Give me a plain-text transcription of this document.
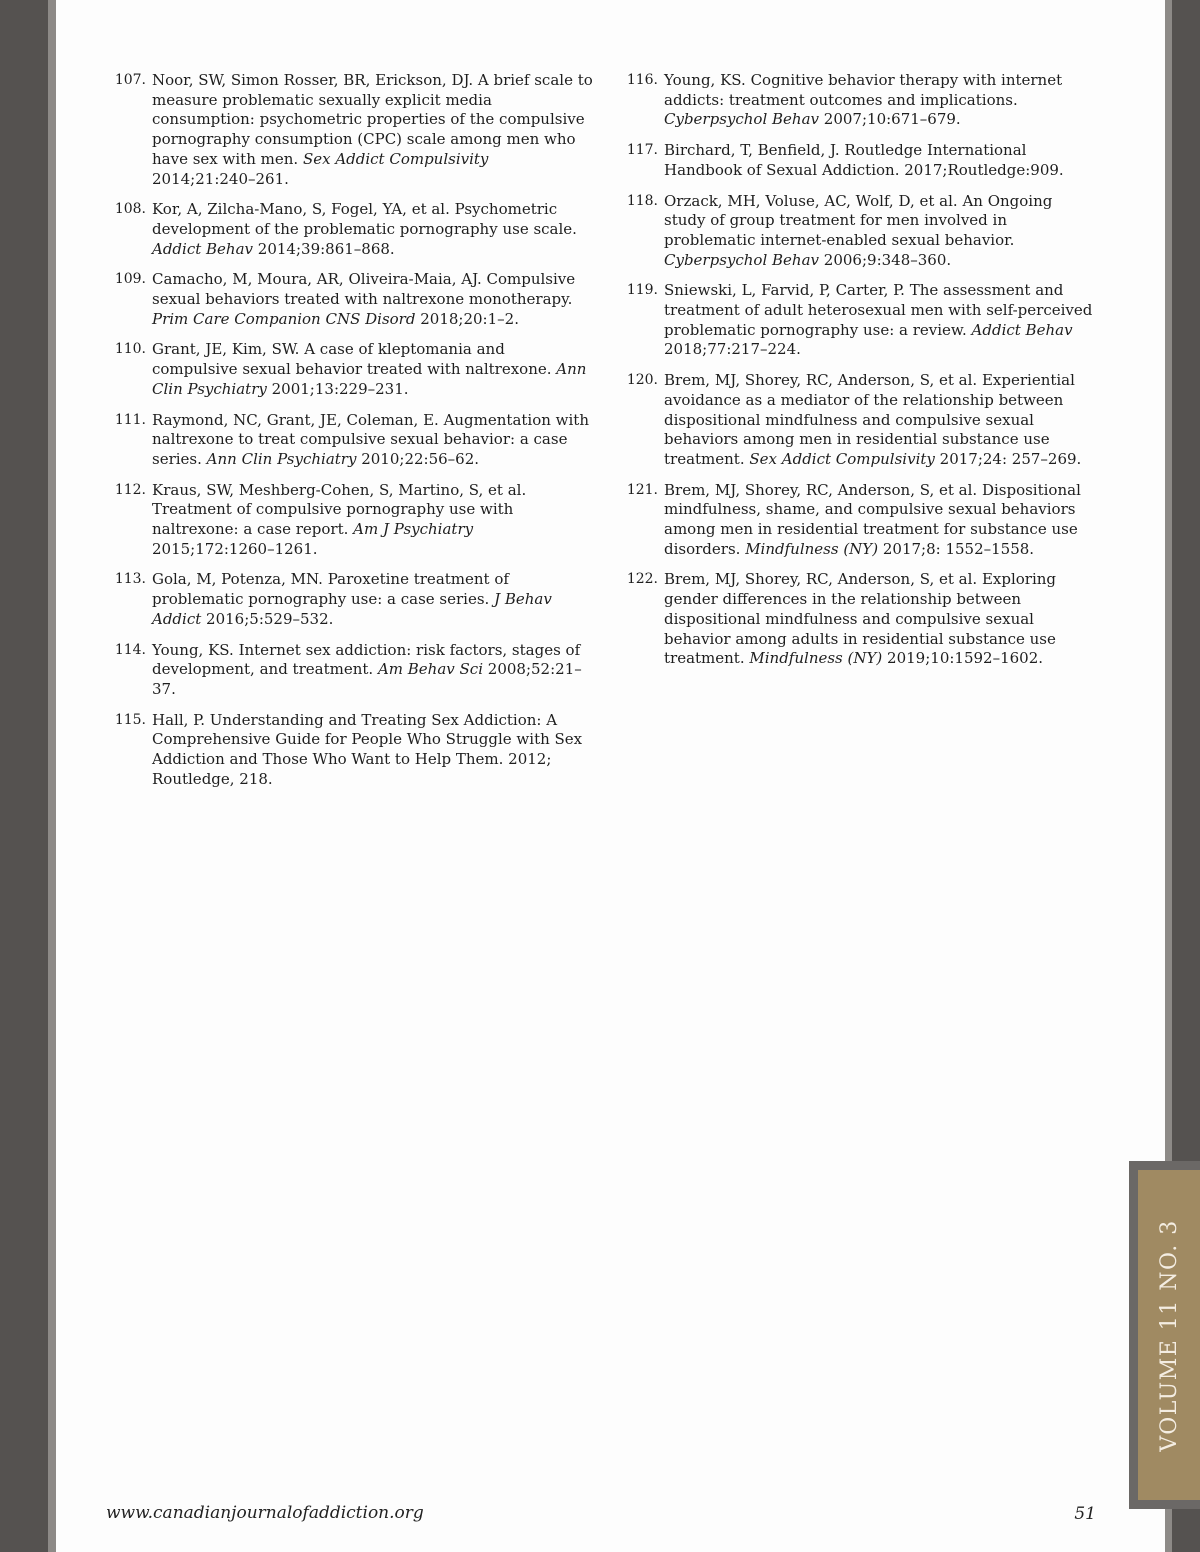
107. Noor, SW, Simon Rosser, BR, Erickson, DJ. A brief scale to measure problematic sexually explicit media consumption: psychometric properties of the compulsive pornography consumption (CPC) scale among men who have sex with men. Sex Addict Compulsivity 2014;21:240–261.
108. Kor, A, Zilcha-Mano, S, Fogel, YA, et al. Psychometric development of the problematic pornography use scale. Addict Behav 2014;39:861–868.
109. Camacho, M, Moura, AR, Oliveira-Maia, AJ. Compulsive sexual behaviors treated with naltrexone monotherapy. Prim Care Companion CNS Disord 2018;20:1–2.
110. Grant, JE, Kim, SW. A case of kleptomania and compulsive sexual behavior treated with naltrexone. Ann Clin Psychiatry 2001;13:229–231.
111. Raymond, NC, Grant, JE, Coleman, E. Augmentation with naltrexone to treat compulsive sexual behavior: a case series. Ann Clin Psychiatry 2010;22:56–62.
112. Kraus, SW, Meshberg-Cohen, S, Martino, S, et al. Treatment of compulsive pornography use with naltrexone: a case report. Am J Psychiatry 2015;172:1260–1261.
113. Gola, M, Potenza, MN. Paroxetine treatment of problematic pornography use: a case series. J Behav Addict 2016;5:529–532.
114. Young, KS. Internet sex addiction: risk factors, stages of development, and treatment. Am Behav Sci 2008;52:21–37.
115. Hall, P. Understanding and Treating Sex Addiction: A Comprehensive Guide for People Who Struggle with Sex Addiction and Those Who Want to Help Them. 2012; Routledge, 218.
116. Young, KS. Cognitive behavior therapy with internet addicts: treatment outcomes and implications. Cyberpsychol Behav 2007;10:671–679.
117. Birchard, T, Benfield, J. Routledge International Handbook of Sexual Addiction. 2017;Routledge:909.
118. Orzack, MH, Voluse, AC, Wolf, D, et al. An Ongoing study of group treatment for men involved in problematic internet-enabled sexual behavior. Cyberpsychol Behav 2006;9:348–360.
119. Sniewski, L, Farvid, P, Carter, P. The assessment and treatment of adult heterosexual men with self-perceived problematic pornography use: a review. Addict Behav 2018;77:217–224.
120. Brem, MJ, Shorey, RC, Anderson, S, et al. Experiential avoidance as a mediator of the relationship between dispositional mindfulness and compulsive sexual behaviors among men in residential substance use treatment. Sex Addict Compulsivity 2017;24: 257–269.
121. Brem, MJ, Shorey, RC, Anderson, S, et al. Dispositional mindfulness, shame, and compulsive sexual behaviors among men in residential treatment for substance use disorders. Mindfulness (NY) 2017;8: 1552–1558.
122. Brem, MJ, Shorey, RC, Anderson, S, et al. Exploring gender differences in the relationship between dispositional mindfulness and compulsive sexual behavior among adults in residential substance use treatment. Mindfulness (NY) 2019;10:1592–1602.
VOLUME 11 NO. 3
www.canadianjournalofaddiction.org	51
